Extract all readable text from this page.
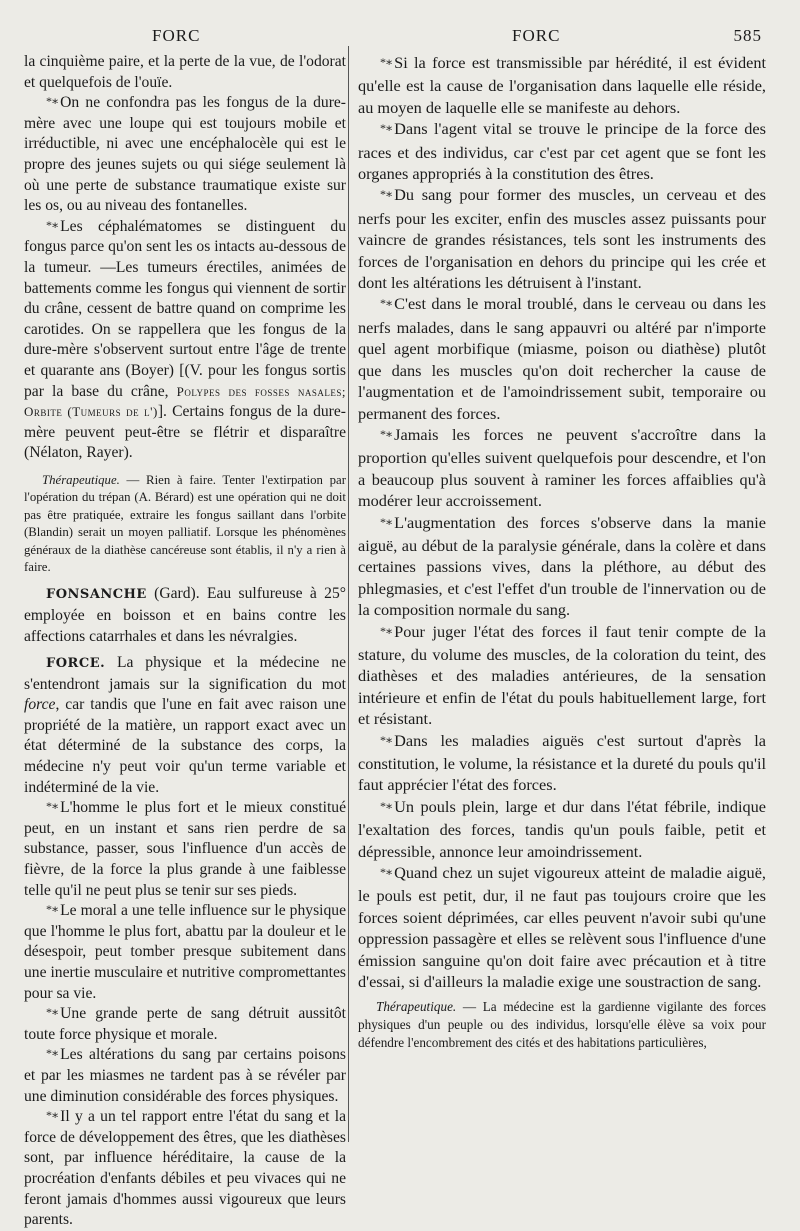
FORC	FORC	585

la cinquième paire, et la perte de la vue, de l'odorat et quelquefois de l'ouïe.

*∗ On ne confondra pas les fongus de la dure-mère avec une loupe qui est toujours mobile et irréductible, ni avec une encéphalocèle qui est le propre des jeunes sujets ou qui siége seulement là où une perte de substance traumatique existe sur les os, ou au niveau des fontanelles.

*∗ Les céphalématomes se distinguent du fongus parce qu'on sent les os intacts au-dessous de la tumeur. —Les tumeurs érectiles, animées de battements comme les fongus qui viennent de sortir du crâne, cessent de battre quand on comprime les carotides. On se rappellera que les fongus de la dure-mère s'observent surtout entre l'âge de trente et quarante ans (Boyer) [(V. pour les fongus sortis par la base du crâne, Polypes des fosses nasales; Orbite (Tumeurs de l')]. Certains fongus de la dure-mère peuvent peut-être se flétrir et disparaître (Nélaton, Rayer).

Thérapeutique. — Rien à faire. Tenter l'extirpation par l'opération du trépan (A. Bérard) est une opération qui ne doit pas être pratiquée, extraire les fongus saillant dans l'orbite (Blandin) serait un moyen palliatif. Lorsque les phénomènes généraux de la diathèse cancéreuse sont établis, il n'y a rien à faire.

FONSANCHE (Gard). Eau sulfureuse à 25° employée en boisson et en bains contre les affections catarrhales et dans les névralgies.

FORCE. La physique et la médecine ne s'entendront jamais sur la signification du mot force, car tandis que l'une en fait avec raison une propriété de la matière, un rapport exact avec un état déterminé de la substance des corps, la médecine n'y peut voir qu'un terme variable et indéterminé de la vie.

*∗ L'homme le plus fort et le mieux constitué peut, en un instant et sans rien perdre de sa substance, passer, sous l'influence d'un accès de fièvre, de la force la plus grande à une faiblesse telle qu'il ne peut plus se tenir sur ses pieds.

*∗ Le moral a une telle influence sur le physique que l'homme le plus fort, abattu par la douleur et le désespoir, peut tomber presque subitement dans une inertie musculaire et nutritive compromettantes pour sa vie.

*∗ Une grande perte de sang détruit aussitôt toute force physique et morale.

*∗ Les altérations du sang par certains poisons et par les miasmes ne tardent pas à se révéler par une diminution considérable des forces physiques.

*∗ Il y a un tel rapport entre l'état du sang et la force de développement des êtres, que les diathèses sont, par influence héréditaire, la cause de la procréation d'enfants débiles et peu vivaces qui ne feront jamais d'hommes aussi vigoureux que leurs parents.

*∗ Si la force est transmissible par hérédité, il est évident qu'elle est la cause de l'organisation dans laquelle elle réside, au moyen de laquelle elle se manifeste au dehors.

*∗ Dans l'agent vital se trouve le principe de la force des races et des individus, car c'est par cet agent que se font les organes appropriés à la constitution des êtres.

*∗ Du sang pour former des muscles, un cerveau et des nerfs pour les exciter, enfin des muscles assez puissants pour vaincre de grandes résistances, tels sont les instruments des forces de l'organisation en dehors du principe qui les crée et dont les altérations les détruisent à l'instant.

*∗ C'est dans le moral troublé, dans le cerveau ou dans les nerfs malades, dans le sang appauvri ou altéré par n'importe quel agent morbifique (miasme, poison ou diathèse) plutôt que dans les muscles qu'on doit rechercher la cause de l'augmentation et de l'amoindrissement subit, temporaire ou permanent des forces.

*∗ Jamais les forces ne peuvent s'accroître dans la proportion qu'elles suivent quelquefois pour descendre, et l'on a beaucoup plus souvent à raminer les forces affaiblies qu'à modérer leur accroissement.

*∗ L'augmentation des forces s'observe dans la manie aiguë, au début de la paralysie générale, dans la colère et dans certaines passions vives, dans la pléthore, au début des phlegmasies, et c'est l'effet d'un trouble de l'innervation ou de la composition normale du sang.

*∗ Pour juger l'état des forces il faut tenir compte de la stature, du volume des muscles, de la coloration du teint, des diathèses et des maladies antérieures, de la sensation intérieure et enfin de l'état du pouls habituellement large, fort et résistant.

*∗ Dans les maladies aiguës c'est surtout d'après la constitution, le volume, la résistance et la dureté du pouls qu'il faut apprécier l'état des forces.

*∗ Un pouls plein, large et dur dans l'état fébrile, indique l'exaltation des forces, tandis qu'un pouls faible, petit et dépressible, annonce leur amoindrissement.

*∗ Quand chez un sujet vigoureux atteint de maladie aiguë, le pouls est petit, dur, il ne faut pas toujours croire que les forces soient déprimées, car elles peuvent n'avoir subi qu'une oppression passagère et elles se relèvent sous l'influence d'une émission sanguine qu'on doit faire avec précaution et à titre d'essai, si d'ailleurs la maladie exige une soustraction de sang.

Thérapeutique. — La médecine est la gardienne vigilante des forces physiques d'un peuple ou des individus, lorsqu'elle élève sa voix pour défendre l'encombrement des cités et des habitations particulières,
